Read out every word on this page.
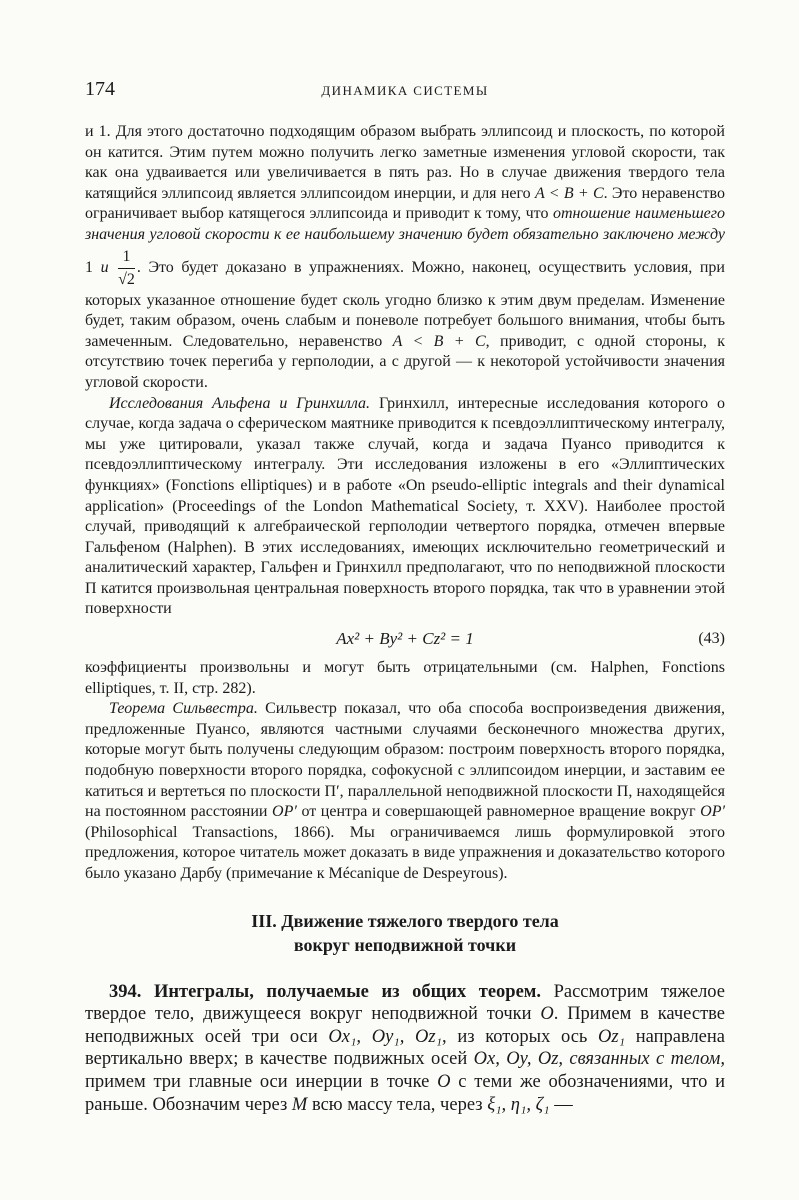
174	ДИНАМИКА СИСТЕМЫ

и 1. Для этого достаточно подходящим образом выбрать эллипсоид и плоскость, по которой он катится. Этим путем можно получить легко заметные изменения угловой скорости, так как она удваивается или увеличивается в пять раз. Но в случае движения твердого тела катящийся эллипсоид является эллипсоидом инерции, и для него A < B + C. Это неравенство ограничивает выбор катящегося эллипсоида и приводит к тому, что отношение наименьшего значения угловой скорости к ее наибольшему значению будет обязательно заключено между 1 и $\frac{1}{√2}$ . Это будет доказано в упражнениях. Можно, наконец, осуществить условия, при которых указанное отношение будет сколь угодно близко к этим двум пределам. Изменение будет, таким образом, очень слабым и поневоле потребует большого внимания, чтобы быть замеченным. Следовательно, неравенство A < B + C, приводит, с одной стороны, к отсутствию точек перегиба у герполодии, а с другой — к некоторой устойчивости значения угловой скорости.

Исследования Альфена и Гринхилла. Гринхилл, интересные исследования которого о случае, когда задача о сферическом маятнике приводится к псевдоэллиптическому интегралу, мы уже цитировали, указал также случай, когда и задача Пуансо приводится к псевдоэллиптическому интегралу. Эти исследования изложены в его «Эллиптических функциях» (Fonctions elliptiques) и в работе «On pseudo-elliptic integrals and their dynamical application» (Proceedings of the London Mathematical Society, т. XXV). Наиболее простой случай, приводящий к алгебраической герполодии четвертого порядка, отмечен впервые Гальфеном (Halphen). В этих исследованиях, имеющих исключительно геометрический и аналитический характер, Гальфен и Гринхилл предполагают, что по неподвижной плоскости П катится произвольная центральная поверхность второго порядка, так что в уравнении этой поверхности

Ax² + By² + Cz² = 1	(43)

коэффициенты произвольны и могут быть отрицательными (см. Halphen, Fonctions elliptiques, т. II, стр. 282).

Теорема Сильвестра. Сильвестр показал, что оба способа воспроизведения движения, предложенные Пуансо, являются частными случаями бесконечного множества других, которые могут быть получены следующим образом: построим поверхность второго порядка, подобную поверхности второго порядка, софокусной с эллипсоидом инерции, и заставим ее катиться и вертеться по плоскости П′, параллельной неподвижной плоскости П, находящейся на постоянном расстоянии OP′ от центра и совершающей равномерное вращение вокруг OP′ (Philosophical Transactions, 1866). Мы ограничиваемся лишь формулировкой этого предложения, которое читатель может доказать в виде упражнения и доказательство которого было указано Дарбу (примечание к Mécanique de Despeyrous).

III. Движение тяжелого твердого тела
вокруг неподвижной точки

394. Интегралы, получаемые из общих теорем. Рассмотрим тяжелое твердое тело, движущееся вокруг неподвижной точки O. Примем в качестве неподвижных осей три оси Ox₁, Oy₁, Oz₁, из которых ось Oz₁ направлена вертикально вверх; в качестве подвижных осей Ox, Oy, Oz, связанных с телом, примем три главные оси инерции в точке O с теми же обозначениями, что и раньше. Обозначим через M всю массу тела, через ξ₁, η₁, ζ₁ —
